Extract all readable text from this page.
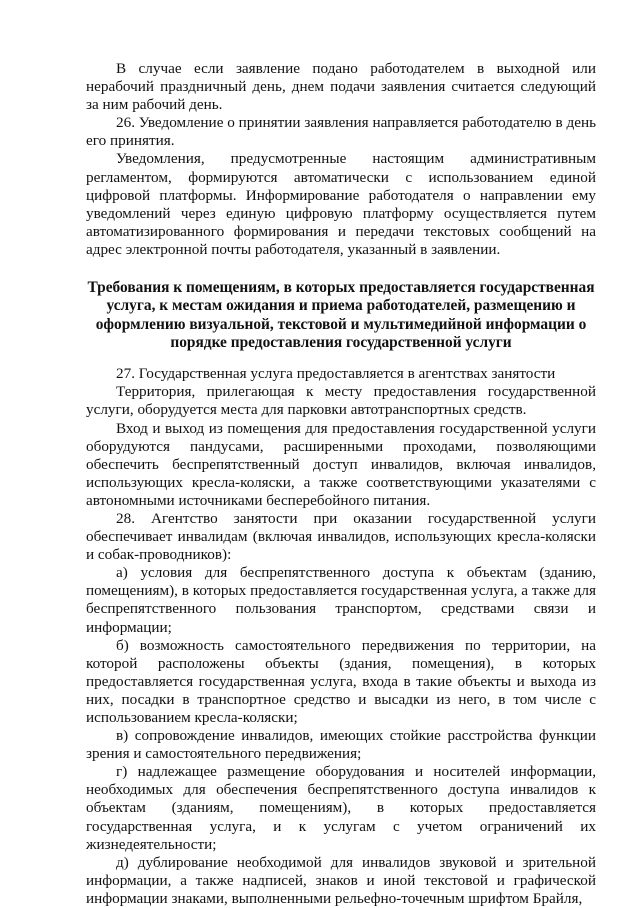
В случае если заявление подано работодателем в выходной или нерабочий праздничный день, днем подачи заявления считается следующий за ним рабочий день.

26. Уведомление о принятии заявления направляется работодателю в день его принятия.

Уведомления, предусмотренные настоящим административным регламентом, формируются автоматически с использованием единой цифровой платформы. Информирование работодателя о направлении ему уведомлений через единую цифровую платформу осуществляется путем автоматизированного формирования и передачи текстовых сообщений на адрес электронной почты работодателя, указанный в заявлении.

Требования к помещениям, в которых предоставляется государственная услуга, к местам ожидания и приема работодателей, размещению и оформлению визуальной, текстовой и мультимедийной информации о порядке предоставления государственной услуги

27. Государственная услуга предоставляется в агентствах занятости

Территория, прилегающая к месту предоставления государственной услуги, оборудуется места для парковки автотранспортных средств.

Вход и выход из помещения для предоставления государственной услуги оборудуются пандусами, расширенными проходами, позволяющими обеспечить беспрепятственный доступ инвалидов, включая инвалидов, использующих кресла-коляски, а также соответствующими указателями с автономными источниками бесперебойного питания.

28. Агентство занятости при оказании государственной услуги обеспечивает инвалидам (включая инвалидов, использующих кресла-коляски и собак-проводников):

а) условия для беспрепятственного доступа к объектам (зданию, помещениям), в которых предоставляется государственная услуга, а также для беспрепятственного пользования транспортом, средствами связи и информации;

б) возможность самостоятельного передвижения по территории, на которой расположены объекты (здания, помещения), в которых предоставляется государственная услуга, входа в такие объекты и выхода из них, посадки в транспортное средство и высадки из него, в том числе с использованием кресла-коляски;

в) сопровождение инвалидов, имеющих стойкие расстройства функции зрения и самостоятельного передвижения;

г) надлежащее размещение оборудования и носителей информации, необходимых для обеспечения беспрепятственного доступа инвалидов к объектам (зданиям, помещениям), в которых предоставляется государственная услуга, и к услугам с учетом ограничений их жизнедеятельности;

д) дублирование необходимой для инвалидов звуковой и зрительной информации, а также надписей, знаков и иной текстовой и графической информации знаками, выполненными рельефно-точечным шрифтом Брайля,
